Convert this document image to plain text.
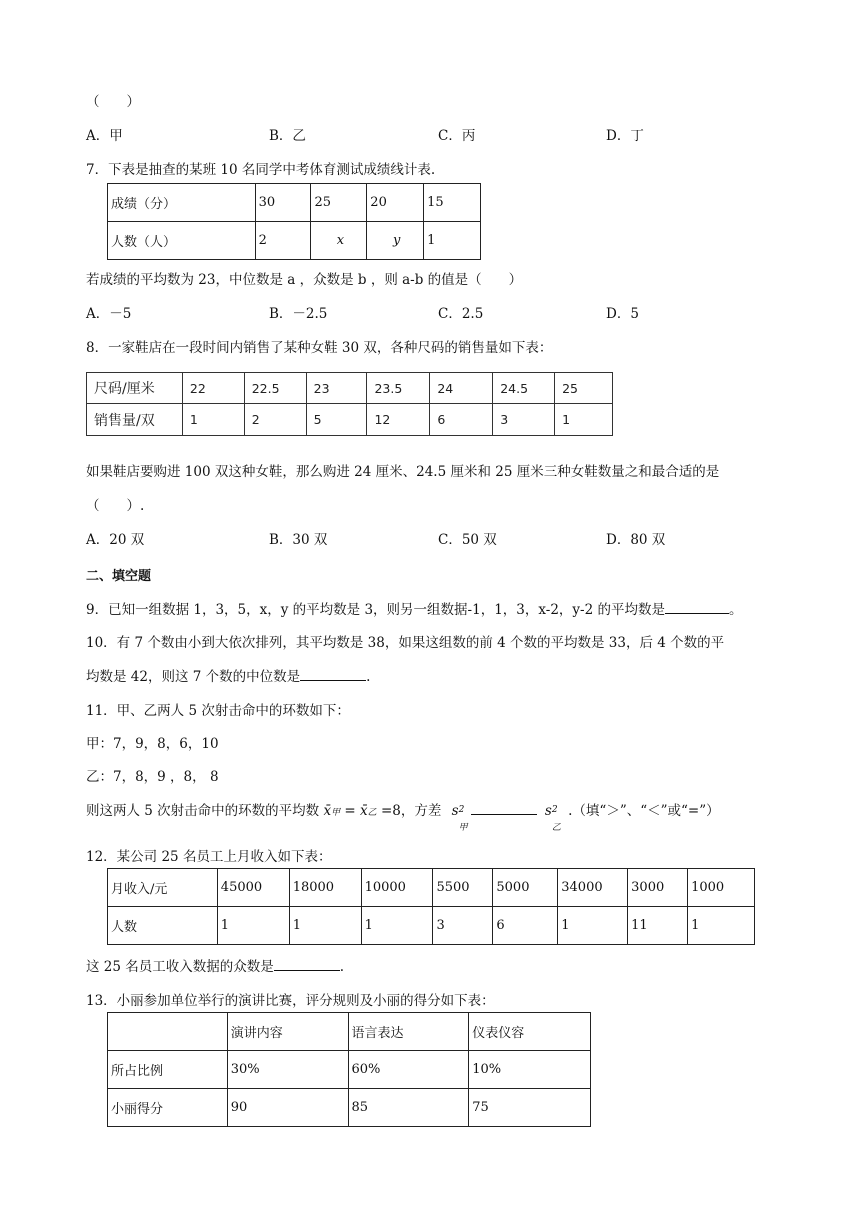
（　　）
A．甲	B．乙	C．丙	D．丁
7．下表是抽查的某班 10 名同学中考体育测试成绩线计表.
成绩（分）	30	25	20	15
人数（人）	2	x	y	1
若成绩的平均数为 23，中位数是 a ，众数是 b ，则 a-b 的值是（　　）
A．－5	B．－2.5	C．2.5	D．5
8．一家鞋店在一段时间内销售了某种女鞋 30 双，各种尺码的销售量如下表：
尺码/厘米	22	22.5	23	23.5	24	24.5	25
销售量/双	1	2	5	12	6	3	1
如果鞋店要购进 100 双这种女鞋，那么购进 24 厘米、24.5 厘米和 25 厘米三种女鞋数量之和最合适的是
（　　）.
A．20 双	B．30 双	C．50 双	D．80 双
二、填空题
9．已知一组数据 1，3，5，x，y 的平均数是 3，则另一组数据-1，1，3，x-2，y-2 的平均数是	。
10．有 7 个数由小到大依次排列，其平均数是 38，如果这组数的前 4 个数的平均数是 33，后 4 个数的平
均数是 42，则这 7 个数的中位数是	.
11．甲、乙两人 5 次射击命中的环数如下：
甲：7，9，8，6，10
乙：7，8，9 ，8， 8
则这两人 5 次射击命中的环数的平均数 x̄甲 = x̄乙 =8，方差 s 2
甲
s 2
乙
.（填“＞”、“＜”或“=”）
12．某公司 25 名员工上月收入如下表：
月收入/元	45000	18000	10000	5500	5000	34000	3000	1000
人数	1	1	1	3	6	1	11	1
这 25 名员工收入数据的众数是	.
13．小丽参加单位举行的演讲比赛，评分规则及小丽的得分如下表：
	演讲内容	语言表达	仪表仪容
所占比例	30%	60%	10%
小丽得分	90	85	75
